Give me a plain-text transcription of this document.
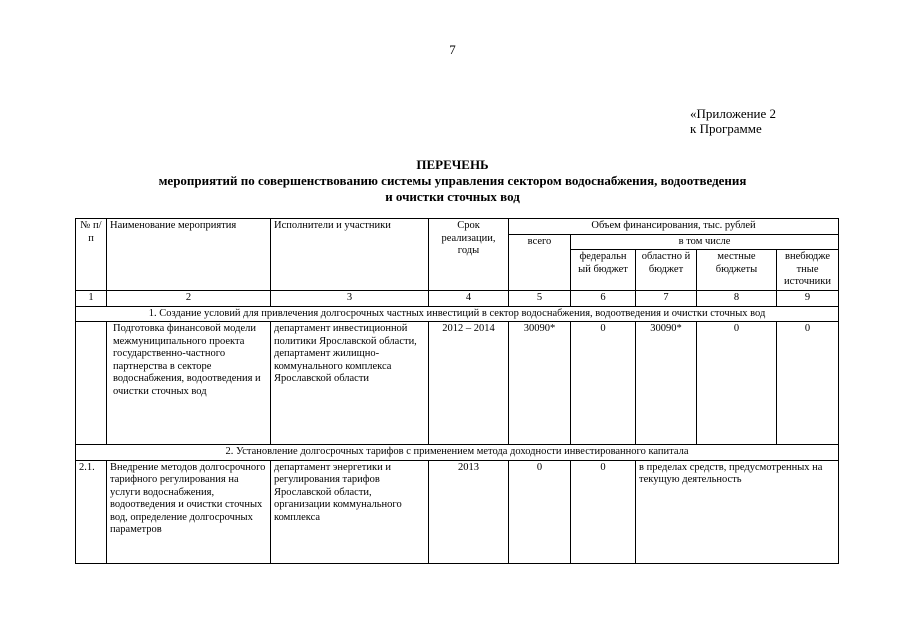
7
«Приложение 2
к Программе
ПЕРЕЧЕНЬ
мероприятий по совершенствованию системы управления сектором водоснабжения, водоотведения
и очистки сточных вод
№ п/п	Наименование мероприятия	Исполнители и участники	Срок реализации, годы	Объем финансирования, тыс. рублей				
				всего	в том числе			
					федеральн ый бюджет	областно й бюджет	местные бюджеты	внебюдже тные источники
1	2	3	4	5	6	7	8	9
1. Создание условий для привлечения долгосрочных частных инвестиций в сектор водоснабжения, водоотведения и очистки сточных вод								
	Подготовка финансовой модели межмуниципального проекта государственно-частного партнерства в секторе водоснабжения, водоотведения и очистки сточных вод	департамент инвестиционной политики Ярославской области, департамент жилищно-коммунального комплекса Ярославской области	2012 – 2014	30090*	0	30090*	0	0
2. Установление долгосрочных тарифов с применением метода доходности инвестированного капитала								
2.1.	Внедрение методов долгосрочного тарифного регулирования на услуги водоснабжения, водоотведения и очистки сточных вод, определение долгосрочных параметров	департамент энергетики и регулирования тарифов Ярославской области, организации коммунального комплекса	2013	0	0	в пределах средств, предусмотренных на текущую деятельность		
